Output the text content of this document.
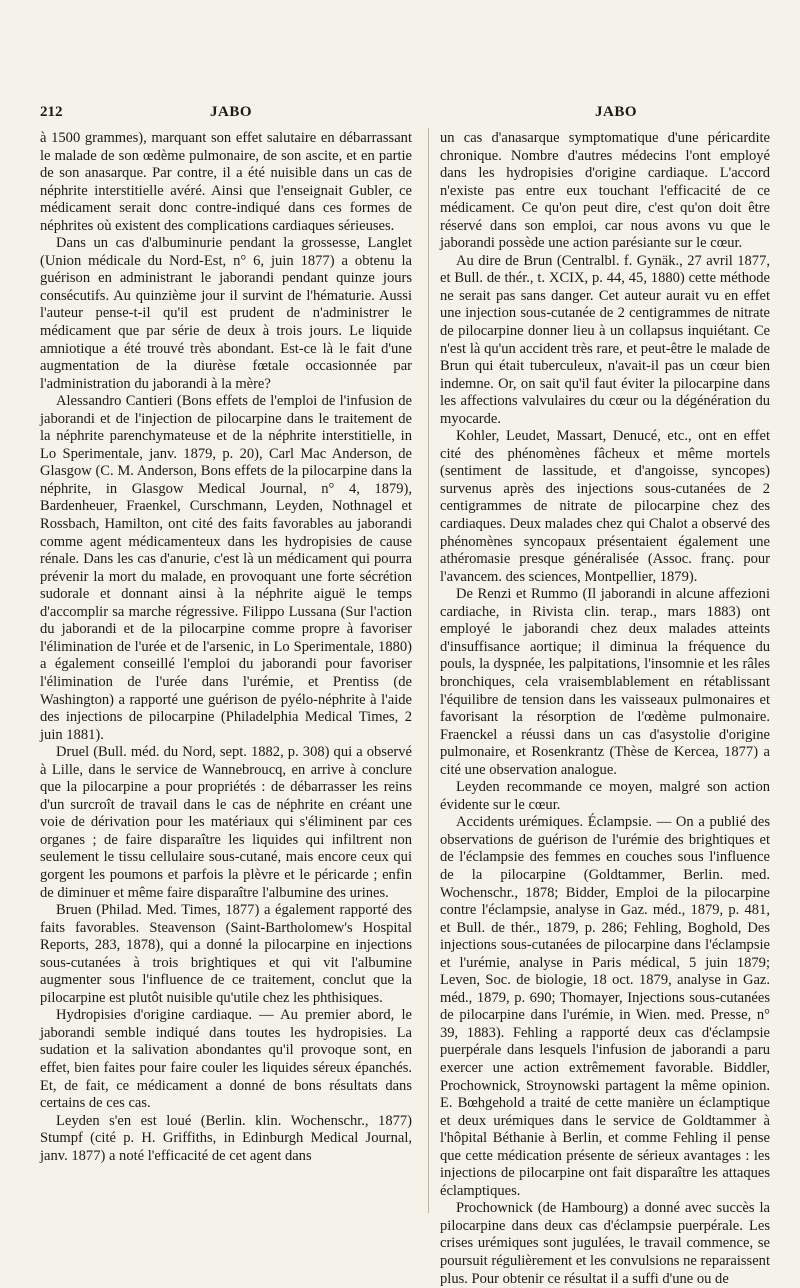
212	JABO	JABO

à 1500 grammes), marquant son effet salutaire en débarrassant le malade de son œdème pulmonaire, de son ascite, et en partie de son anasarque. Par contre, il a été nuisible dans un cas de néphrite interstitielle avéré. Ainsi que l'enseignait Gubler, ce médicament serait donc contre-indiqué dans ces formes de néphrites où existent des complications cardiaques sérieuses.

Dans un cas d'albuminurie pendant la grossesse, Langlet (Union médicale du Nord-Est, n° 6, juin 1877) a obtenu la guérison en administrant le jaborandi pendant quinze jours consécutifs. Au quinzième jour il survint de l'hématurie. Aussi l'auteur pense-t-il qu'il est prudent de n'administrer le médicament que par série de deux à trois jours. Le liquide amniotique a été trouvé très abondant. Est-ce là le fait d'une augmentation de la diurèse fœtale occasionnée par l'administration du jaborandi à la mère?

Alessandro Cantieri (Bons effets de l'emploi de l'infusion de jaborandi et de l'injection de pilocarpine dans le traitement de la néphrite parenchymateuse et de la néphrite interstitielle, in Lo Sperimentale, janv. 1879, p. 20), Carl Mac Anderson, de Glasgow (C. M. Anderson, Bons effets de la pilocarpine dans la néphrite, in Glasgow Medical Journal, n° 4, 1879), Bardenheuer, Fraenkel, Curschmann, Leyden, Nothnagel et Rossbach, Hamilton, ont cité des faits favorables au jaborandi comme agent médicamenteux dans les hydropisies de cause rénale. Dans les cas d'anurie, c'est là un médicament qui pourra prévenir la mort du malade, en provoquant une forte sécrétion sudorale et donnant ainsi à la néphrite aiguë le temps d'accomplir sa marche régressive. Filippo Lussana (Sur l'action du jaborandi et de la pilocarpine comme propre à favoriser l'élimination de l'urée et de l'arsenic, in Lo Sperimentale, 1880) a également conseillé l'emploi du jaborandi pour favoriser l'élimination de l'urée dans l'urémie, et Prentiss (de Washington) a rapporté une guérison de pyélo-néphrite à l'aide des injections de pilocarpine (Philadelphia Medical Times, 2 juin 1881).

Druel (Bull. méd. du Nord, sept. 1882, p. 308) qui a observé à Lille, dans le service de Wannebroucq, en arrive à conclure que la pilocarpine a pour propriétés : de débarrasser les reins d'un surcroît de travail dans le cas de néphrite en créant une voie de dérivation pour les matériaux qui s'éliminent par ces organes ; de faire disparaître les liquides qui infiltrent non seulement le tissu cellulaire sous-cutané, mais encore ceux qui gorgent les poumons et parfois la plèvre et le péricarde ; enfin de diminuer et même faire disparaître l'albumine des urines.

Bruen (Philad. Med. Times, 1877) a également rapporté des faits favorables. Steavenson (Saint-Bartholomew's Hospital Reports, 283, 1878), qui a donné la pilocarpine en injections sous-cutanées à trois brightiques et qui vit l'albumine augmenter sous l'influence de ce traitement, conclut que la pilocarpine est plutôt nuisible qu'utile chez les phthisiques.

Hydropisies d'origine cardiaque. — Au premier abord, le jaborandi semble indiqué dans toutes les hydropisies. La sudation et la salivation abondantes qu'il provoque sont, en effet, bien faites pour faire couler les liquides séreux épanchés. Et, de fait, ce médicament a donné de bons résultats dans certains de ces cas.

Leyden s'en est loué (Berlin. klin. Wochenschr., 1877) Stumpf (cité p. H. Griffiths, in Edinburgh Medical Journal, janv. 1877) a noté l'efficacité de cet agent dans

un cas d'anasarque symptomatique d'une péricardite chronique. Nombre d'autres médecins l'ont employé dans les hydropisies d'origine cardiaque. L'accord n'existe pas entre eux touchant l'efficacité de ce médicament. Ce qu'on peut dire, c'est qu'on doit être réservé dans son emploi, car nous avons vu que le jaborandi possède une action parésiante sur le cœur.

Au dire de Brun (Centralbl. f. Gynäk., 27 avril 1877, et Bull. de thér., t. XCIX, p. 44, 45, 1880) cette méthode ne serait pas sans danger. Cet auteur aurait vu en effet une injection sous-cutanée de 2 centigrammes de nitrate de pilocarpine donner lieu à un collapsus inquiétant. Ce n'est là qu'un accident très rare, et peut-être le malade de Brun qui était tuberculeux, n'avait-il pas un cœur bien indemne. Or, on sait qu'il faut éviter la pilocarpine dans les affections valvulaires du cœur ou la dégénération du myocarde.

Kohler, Leudet, Massart, Denucé, etc., ont en effet cité des phénomènes fâcheux et même mortels (sentiment de lassitude, et d'angoisse, syncopes) survenus après des injections sous-cutanées de 2 centigrammes de nitrate de pilocarpine chez des cardiaques. Deux malades chez qui Chalot a observé des phénomènes syncopaux présentaient également une athéromasie presque généralisée (Assoc. franç. pour l'avancem. des sciences, Montpellier, 1879).

De Renzi et Rummo (Il jaborandi in alcune affezioni cardiache, in Rivista clin. terap., mars 1883) ont employé le jaborandi chez deux malades atteints d'insuffisance aortique; il diminua la fréquence du pouls, la dyspnée, les palpitations, l'insomnie et les râles bronchiques, cela vraisemblablement en rétablissant l'équilibre de tension dans les vaisseaux pulmonaires et favorisant la résorption de l'œdème pulmonaire. Fraenckel a réussi dans un cas d'asystolie d'origine pulmonaire, et Rosenkrantz (Thèse de Kercea, 1877) a cité une observation analogue.

Leyden recommande ce moyen, malgré son action évidente sur le cœur.

Accidents urémiques. Éclampsie. — On a publié des observations de guérison de l'urémie des brightiques et de l'éclampsie des femmes en couches sous l'influence de la pilocarpine (Goldtammer, Berlin. med. Wochenschr., 1878; Bidder, Emploi de la pilocarpine contre l'éclampsie, analyse in Gaz. méd., 1879, p. 481, et Bull. de thér., 1879, p. 286; Fehling, Boghold, Des injections sous-cutanées de pilocarpine dans l'éclampsie et l'urémie, analyse in Paris médical, 5 juin 1879; Leven, Soc. de biologie, 18 oct. 1879, analyse in Gaz. méd., 1879, p. 690; Thomayer, Injections sous-cutanées de pilocarpine dans l'urémie, in Wien. med. Presse, n° 39, 1883). Fehling a rapporté deux cas d'éclampsie puerpérale dans lesquels l'infusion de jaborandi a paru exercer une action extrêmement favorable. Biddler, Prochownick, Stroynowski partagent la même opinion. E. Bœhgehold a traité de cette manière un éclamptique et deux urémiques dans le service de Goldtammer à l'hôpital Béthanie à Berlin, et comme Fehling il pense que cette médication présente de sérieux avantages : les injections de pilocarpine ont fait disparaître les attaques éclamptiques.

Prochownick (de Hambourg) a donné avec succès la pilocarpine dans deux cas d'éclampsie puerpérale. Les crises urémiques sont jugulées, le travail commence, se poursuit régulièrement et les convulsions ne reparaissent plus. Pour obtenir ce résultat il a suffi d'une ou de
